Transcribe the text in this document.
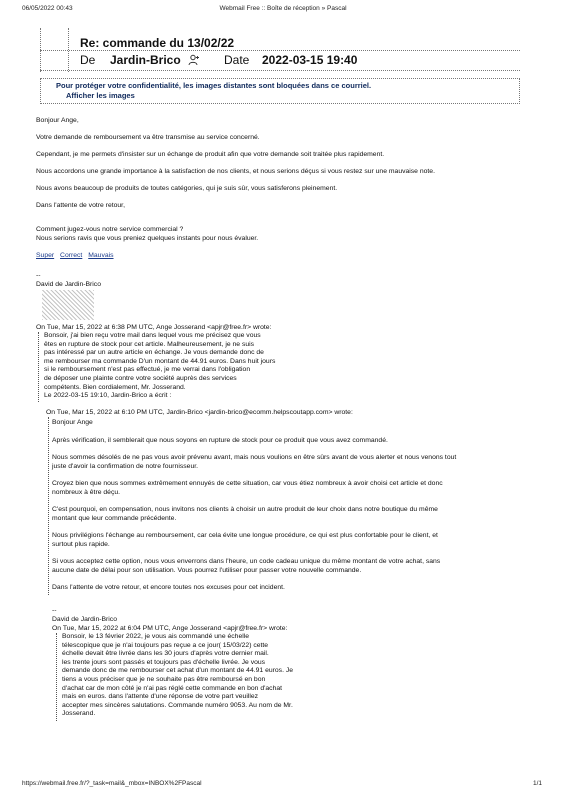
06/05/2022 00:43	Webmail Free :: Boîte de réception » Pascal
Re: commande du 13/02/22
De Jardin-Brico	Date 2022-03-15 19:40
Pour protéger votre confidentialité, les images distantes sont bloquées dans ce courriel.
Afficher les images
Bonjour Ange,
Votre demande de remboursement va être transmise au service concerné.
Cependant, je me permets d'insister sur un échange de produit afin que votre demande soit traitée plus rapidement.
Nous accordons une grande importance à la satisfaction de nos clients, et nous serions déçus si vous restez sur une mauvaise note.
Nous avons beaucoup de produits de toutes catégories, qui je suis sûr, vous satisferons pleinement.
Dans l'attente de votre retour,
Comment jugez-vous notre service commercial ?
Nous serions ravis que vous preniez quelques instants pour nous évaluer.
Super Correct Mauvais
--
David de Jardin-Brico
On Tue, Mar 15, 2022 at 6:38 PM UTC, Ange Josserand <apjr@free.fr> wrote:
Bonsoir, j'ai bien reçu votre mail dans lequel vous me précisez que vous
êtes en rupture de stock pour cet article. Malheureusement, je ne suis
pas intéressé par un autre article en échange. Je vous demande donc de
me rembourser ma commande D'un montant de 44.91 euros. Dans huit jours
si le remboursement n'est pas effectué, je me verrai dans l'obligation
de déposer une plainte contre votre société auprès des services
compétents. Bien cordialement, Mr. Josserand.
Le 2022-03-15 19:10, Jardin-Brico a écrit :
On Tue, Mar 15, 2022 at 6:10 PM UTC, Jardin-Brico <jardin-brico@ecomm.helpscoutapp.com> wrote:
Bonjour Ange
Après vérification, il semblerait que nous soyons en rupture de stock pour ce produit que vous avez commandé.
Nous sommes désolés de ne pas vous avoir prévenu avant, mais nous voulions en être sûrs avant de vous alerter et nous venons tout
juste d'avoir la confirmation de notre fournisseur.
Croyez bien que nous sommes extrêmement ennuyés de cette situation, car vous étiez nombreux à avoir choisi cet article et donc
nombreux à être déçu.
C'est pourquoi, en compensation, nous invitons nos clients à choisir un autre produit de leur choix dans notre boutique du même
montant que leur commande précédente.
Nous privilégions l'échange au remboursement, car cela évite une longue procédure, ce qui est plus confortable pour le client, et
surtout plus rapide.
Si vous acceptez cette option, nous vous enverrons dans l'heure, un code cadeau unique du même montant de votre achat, sans
aucune date de délai pour son utilisation. Vous pourrez l'utiliser pour passer votre nouvelle commande.
Dans l'attente de votre retour, et encore toutes nos excuses pour cet incident.
--
David de Jardin-Brico
On Tue, Mar 15, 2022 at 6:04 PM UTC, Ange Josserand <apjr@free.fr> wrote:
Bonsoir, le 13 février 2022, je vous ais commandé une échelle
télescopique que je n'ai toujours pas reçue a ce jour( 15/03/22) cette
échelle devait être livrée dans les 30 jours d'après votre dernier mail.
les trente jours sont passés et toujours pas d'échelle livrée. Je vous
demande donc de me rembourser cet achat d'un montant de 44.91 euros. Je
tiens a vous préciser que je ne souhaite pas être remboursé en bon
d'achat car de mon côté je n'ai pas réglé cette commande en bon d'achat
mais en euros. dans l'attente d'une réponse de votre part veuillez
accepter mes sincères salutations. Commande numéro 9053. Au nom de Mr.
Josserand.
https://webmail.free.fr/?_task=mail&_mbox=INBOX%2FPascal	1/1
